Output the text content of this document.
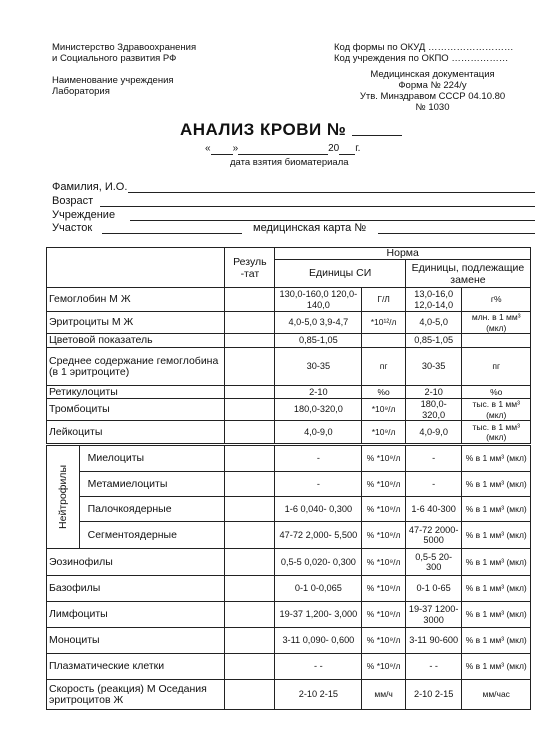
Министерство Здравоохранения
и Социального развития РФ
Наименование учреждения
Лаборатория
Код формы по ОКУД ………………………
Код учреждения по ОКПО ………………
Медицинская документация
Форма № 224/у
Утв. Минздравом СССР 04.10.80
№ 1030
АНАЛИЗ КРОВИ №
« »	20 г.
дата взятия биоматериала
Фамилия, И.О.
Возраст
Учреждение
Участок	медицинская карта №
		Резуль -тат	Норма			
			Единицы СИ		Единицы, подлежащие замене	
Гемоглобин М Ж			130,0-160,0 120,0-140,0	Г/Л	13,0-16,0 12,0-14,0	г%
Эритроциты М Ж			4,0-5,0 3,9-4,7	*10¹²/л	4,0-5,0	млн. в 1 мм³ (мкл)
Цветовой показатель			0,85-1,05		0,85-1,05	
Среднее содержание гемоглобина (в 1 эритроците)			30-35	пг	30-35	пг
Ретикулоциты			2-10	%o	2-10	%o
Тромбоциты			180,0-320,0	*10⁹/л	180,0- 320,0	тыс. в 1 мм³ (мкл)
Лейкоциты			4,0-9,0	*10⁹/л	4,0-9,0	тыс. в 1 мм³ (мкл)

Нейтрофилы	Миелоциты		-	% *10⁹/л	-	% в 1 мм³ (мкл)
	Метамиелоциты		-	% *10⁹/л	-	% в 1 мм³ (мкл)
	Палочкоядерные		1-6 0,040- 0,300	% *10⁹/л	1-6 40-300	% в 1 мм³ (мкл)
	Сегментоядерные		47-72 2,000- 5,500	% *10⁹/л	47-72 2000-5000	% в 1 мм³ (мкл)
Эозинофилы			0,5-5 0,020- 0,300	% *10⁹/л	0,5-5 20-300	% в 1 мм³ (мкл)
Базофилы			0-1 0-0,065	% *10⁹/л	0-1 0-65	% в 1 мм³ (мкл)
Лимфоциты			19-37 1,200- 3,000	% *10⁹/л	19-37 1200-3000	% в 1 мм³ (мкл)
Моноциты			3-11 0,090- 0,600	% *10⁹/л	3-11 90-600	% в 1 мм³ (мкл)
Плазматические клетки			- -	% *10⁹/л	- -	% в 1 мм³ (мкл)
Скорость (реакция) М Оседания эритроцитов Ж			2-10 2-15	мм/ч	2-10 2-15	мм/час
